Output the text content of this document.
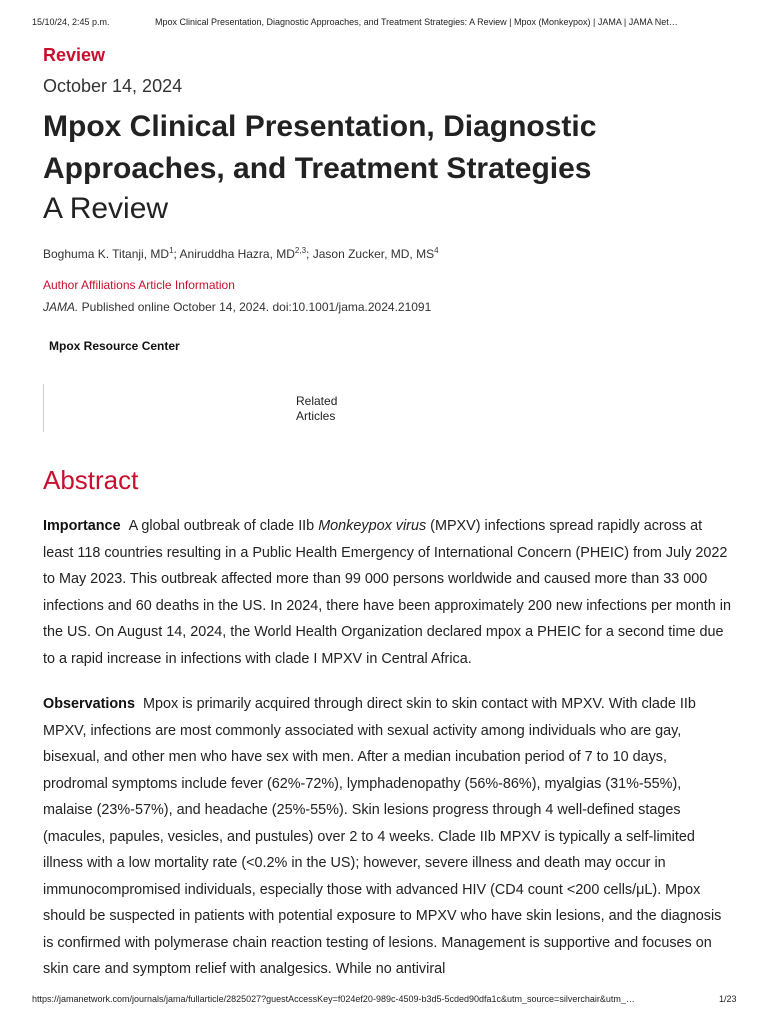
15/10/24, 2:45 p.m.	Mpox Clinical Presentation, Diagnostic Approaches, and Treatment Strategies: A Review | Mpox (Monkeypox) | JAMA | JAMA Net…
Review
October 14, 2024
Mpox Clinical Presentation, Diagnostic Approaches, and Treatment Strategies
A Review
Boghuma K. Titanji, $MD^1$; Aniruddha Hazra, MD$^{2,3}$; Jason Zucker, MD, $MS^4$
Author Affiliations Article Information
JAMA. Published online October 14, 2024. doi:10.1001/jama.2024.21091
Mpox Resource Center
Related Articles
Abstract

Importance A global outbreak of clade IIb Monkeypox virus (MPXV) infections spread rapidly across at least 118 countries resulting in a Public Health Emergency of International Concern (PHEIC) from July 2022 to May 2023. This outbreak affected more than 99 000 persons worldwide and caused more than 33 000 infections and 60 deaths in the US. In 2024, there have been approximately 200 new infections per month in the US. On August 14, 2024, the World Health Organization declared mpox a PHEIC for a second time due to a rapid increase in infections with clade I MPXV in Central Africa.

Observations Mpox is primarily acquired through direct skin to skin contact with MPXV. With clade IIb MPXV, infections are most commonly associated with sexual activity among individuals who are gay, bisexual, and other men who have sex with men. After a median incubation period of 7 to 10 days, prodromal symptoms include fever (62%-72%), lymphadenopathy (56%-86%), myalgias (31%-55%), malaise (23%-57%), and headache (25%-55%). Skin lesions progress through 4 well-defined stages (macules, papules, vesicles, and pustules) over 2 to 4 weeks. Clade IIb MPXV is typically a self-limited illness with a low mortality rate (<0.2% in the US); however, severe illness and death may occur in immunocompromised individuals, especially those with advanced HIV (CD4 count <200 cells/μL). Mpox should be suspected in patients with potential exposure to MPXV who have skin lesions, and the diagnosis is confirmed with polymerase chain reaction testing of lesions. Management is supportive and focuses on skin care and symptom relief with analgesics. While no antiviral

https://jamanetwork.com/journals/jama/fullarticle/2825027?guestAccessKey=f024ef20-989c-4509-b3d5-5cded90dfa1c&utm_source=silverchair&utm_…	1/23
